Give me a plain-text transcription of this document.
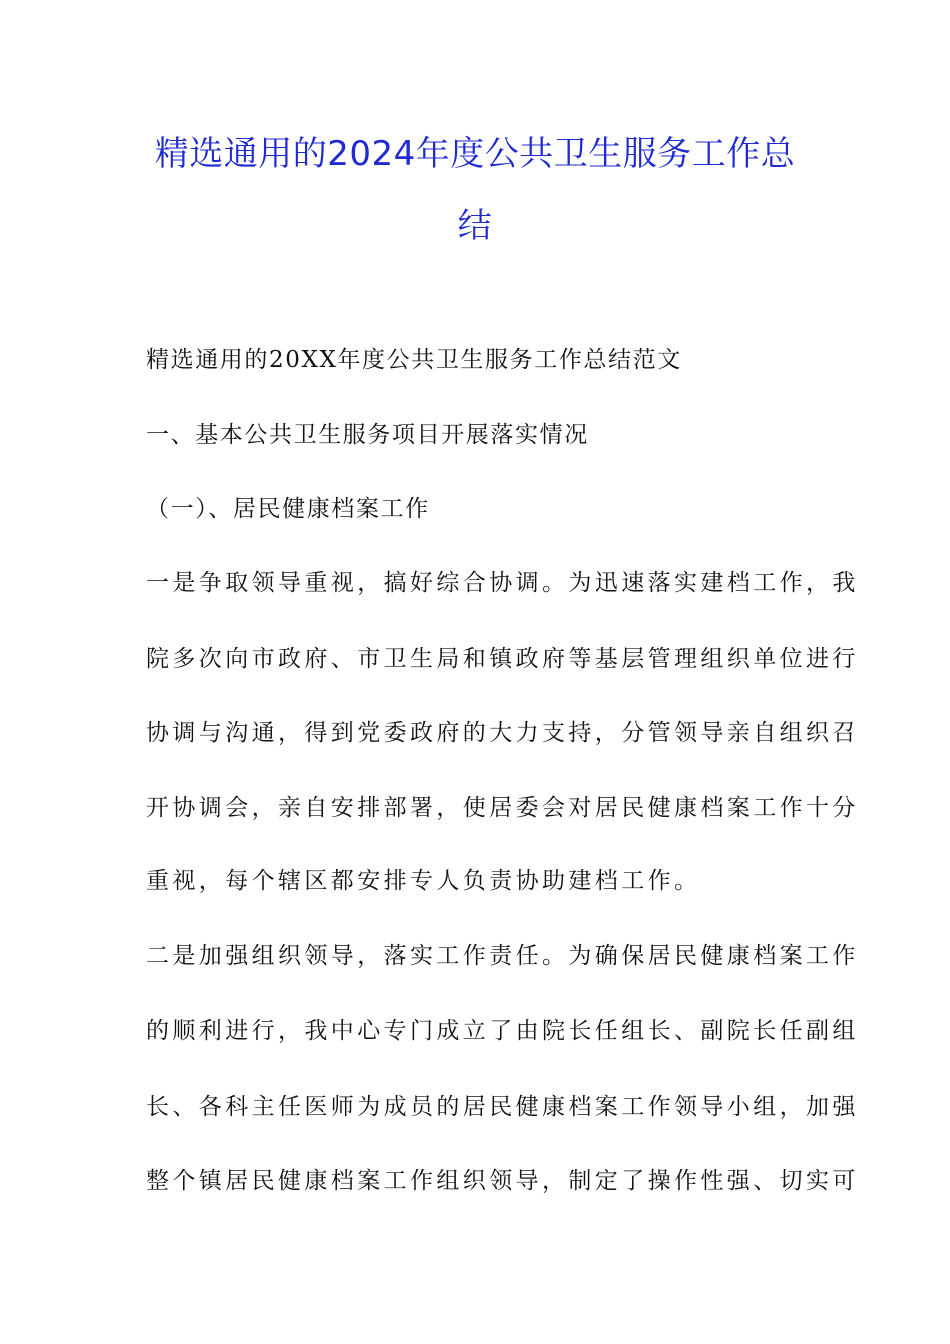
精选通用的2024年度公共卫生服务工作总
结
精选通用的20XX年度公共卫生服务工作总结范文
一、基本公共卫生服务项目开展落实情况
（一）、居民健康档案工作
一是争取领导重视，搞好综合协调。为迅速落实建档工作，我
院多次向市政府、市卫生局和镇政府等基层管理组织单位进行
协调与沟通，得到党委政府的大力支持，分管领导亲自组织召
开协调会，亲自安排部署，使居委会对居民健康档案工作十分
重视，每个辖区都安排专人负责协助建档工作。
二是加强组织领导，落实工作责任。为确保居民健康档案工作
的顺利进行，我中心专门成立了由院长任组长、副院长任副组
长、各科主任医师为成员的居民健康档案工作领导小组，加强
整个镇居民健康档案工作组织领导，制定了操作性强、切实可
